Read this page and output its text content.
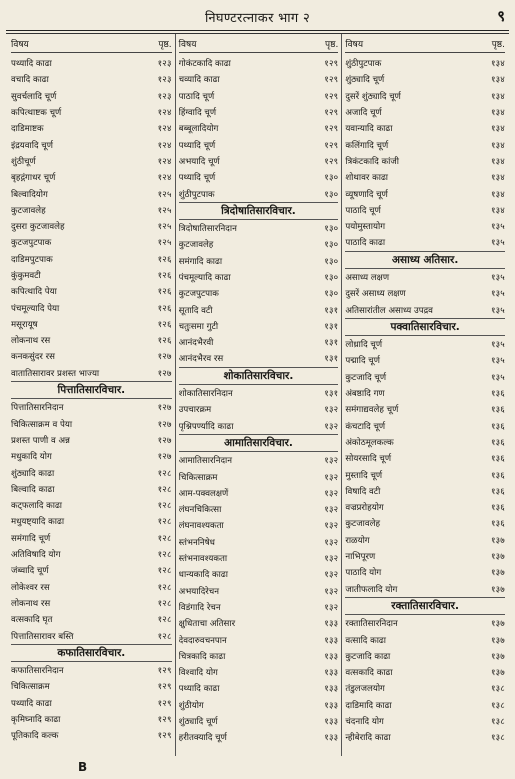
निघण्टरत्नाकर भाग २	९
विषय	पृष्ठ.
पथ्यादि काढा	१२३
वचादि काढा	१२३
सुवर्चलादि चूर्ण	१२३
कपित्थाष्टक चूर्ण	१२४
दाडिमाष्टक	१२४
इंद्रयवादि चूर्ण	१२४
शुंठीचूर्ण	१२४
बृहद्गंगाधर चूर्ण	१२४
बिल्वादियोग	१२५
कुटजावलेह	१२५
दुसरा कुटजावलेह	१२५
कुटजपुटपाक	१२५
दाडिमपुटपाक	१२६
कुंकुमवटी	१२६
कपित्थादि पेया	१२६
पंचमूल्यादि पेया	१२६
मसूरायूष	१२६
लोकनाथ रस	१२६
कनकसुंदर रस	१२७
वातातिसारावर प्रशस्त भाज्या	१२७
पित्तातिसारविचार.
पित्तातिसारनिदान	१२७
चिकित्साक्रम व पेया	१२७
प्रशस्त पाणी व अन्न	१२७
मधुकादि योग	१२७
शुंठ्यादि काढा	१२८
बिल्वादि काढा	१२८
कट्फलादि काढा	१२८
मधुयष्ट्यादि काढा	१२८
समंगादि चूर्ण	१२८
अतिविषादि योग	१२८
जंब्वादि चूर्ण	१२८
लोकेश्वर रस	१२८
लोकनाथ रस	१२८
वत्सकादि घृत	१२८
पित्तातिसारावर बस्ति	१२८
कफातिसारविचार.
कफातिसारनिदान	१२९
चिकित्साक्रम	१२९
पथ्यादि काढा	१२९
कृमिघ्नादि काढा	१२९
पूतिकादि कल्क	१२९
विषय	पृष्ठ.
गोकंटकादि काढा	१२९
चव्यादि काढा	१२९
पाठादि चूर्ण	१२९
हिंग्वादि चूर्ण	१२९
बब्बूलादियोग	१२९
पथ्यादि चूर्ण	१२९
अभयादि चूर्ण	१२९
पथ्यादि चूर्ण	१३०
शुंठीपुटपाक	१३०
त्रिदोषातिसारविचार.
त्रिदोषातिसारनिदान	१३०
कुटजावलेह	१३०
समंगादि काढा	१३०
पंचमूल्यादि काढा	१३०
कुटजपुटपाक	१३०
सूतादि वटी	१३१
चतुःसमा गुटी	१३१
आनंदभैरवी	१३१
आनंदभैरव रस	१३१
शोकातिसारविचार.
शोकातिसारनिदान	१३१
उपचारक्रम	१३२
पृश्निपर्ण्यादि काढा	१३२
आमातिसारविचार.
आमातिसारनिदान	१३२
चिकित्साक्रम	१३२
आम-पक्वलक्षणें	१३२
लंघनचिकित्सा	१३२
लंघनावश्यकता	१३२
स्तंभननिषेध	१३२
स्तंभनावश्यकता	१३२
धान्यकादि काढा	१३२
अभयादिरेचन	१३२
विडंगादि रेचन	१३२
क्षुधिताचा अतिसार	१३३
देवदारुवचनपान	१३३
चित्रकादि काढा	१३३
विश्वादि योग	१३३
पथ्यादि काढा	१३३
शुंठीयोग	१३३
शुंठ्यादि चूर्ण	१३३
हरीतक्यादि चूर्ण	१३३
विषय	पृष्ठ.
शुंठीपुटपाक	१३४
शुंठ्यादि चूर्ण	१३४
दुसरें शुंठ्यादि चूर्ण	१३४
अजादि चूर्ण	१३४
यवान्यादि काढा	१३४
कलिंगादि चूर्ण	१३४
त्रिकंटकादि कांजी	१३४
शोथावर काढा	१३४
व्यूषणादि चूर्ण	१३४
पाठादि चूर्ण	१३४
पयोमुस्तायोग	१३५
पाठादि काढा	१३५
असाध्य अतिसार.
असाध्य लक्षण	१३५
दुसरें असाध्य लक्षण	१३५
अतिसारांतील असाध्य उपद्रव	१३५
पक्वातिसारविचार.
लोध्रादि चूर्ण	१३५
पद्मादि चूर्ण	१३५
कुटजादि चूर्ण	१३५
अंबष्ठादि गण	१३६
समंगाद्यवलेह चूर्ण	१३६
कंचटादि चूर्ण	१३६
अंकोठमूलकल्क	१३६
सोयरसादि चूर्ण	१३६
मुस्तादि चूर्ण	१३६
विषादि वटी	१३६
वज्रप्ररोहयोग	१३६
कुटजावलेह	१३६
राळयोग	१३७
नाभिपूरण	१३७
पाठादि योग	१३७
जातीफलादि योग	१३७
रक्तातिसारविचार.
रक्तातिसारनिदान	१३७
वत्सादि काढा	१३७
कुटजादि काढा	१३७
वत्सकादि काढा	१३७
तंडुलजलयोग	१३८
दाडिमादि काढा	१३८
चंदनादि योग	१३८
न्हीबेरादि काढा	१३८
B
